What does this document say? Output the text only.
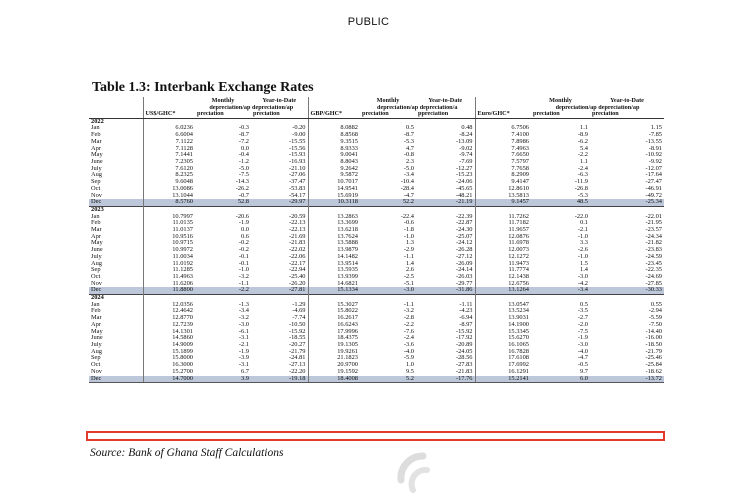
PUBLIC
Table 1.3: Interbank Exchange Rates
		Monthly	Year-to-Date		Monthly	Year-to-Date		Monthly	Year-to-Date
		depreciation/ap depreciation/ap			depreciation/ap depreciation/a			depreciation/ap depreciation/ap	
	US$/GHC*	preciation	preciation	GBP/GHC*	preciation	ppreciation	Euro/GHC*	preciation	preciation
2022									
Jan	6.0236	-0.3	-0.20	8.0882	0.5	0.48	6.7506	1.1	1.15
Feb	6.6004	-8.7	-9.00	8.8568	-8.7	-8.24	7.4100	-8.9	-7.85
Mar	7.1122	-7.2	-15.55	9.3515	-5.3	-13.09	7.8986	-6.2	-13.55
Apr	7.1128	0.0	-15.56	8.9333	4.7	-9.02	7.4963	5.4	-8.91
May	7.1441	-0.4	-15.93	9.0041	-0.8	-9.74	7.6650	-2.2	-10.92
June	7.2305	-1.2	-16.93	8.8043	2.3	-7.69	7.5797	1.1	-9.92
July	7.6120	-5.0	-21.10	9.2642	-5.0	-12.27	7.7658	-2.4	-12.07
Aug	8.2325	-7.5	-27.06	9.5872	-3.4	-15.23	8.2909	-6.3	-17.64
Sep	9.6048	-14.3	-37.47	10.7017	-10.4	-24.06	9.4147	-11.9	-27.47
Oct	13.0086	-26.2	-53.83	14.9541	-28.4	-45.65	12.8610	-26.8	-46.91
Nov	13.1044	-0.7	-54.17	15.6919	-4.7	-48.21	13.5813	-5.3	-49.72
Dec	8.5760	52.8	-29.97	10.3118	52.2	-21.19	9.1457	48.5	-25.34
2023									
Jan	10.7997	-20.6	-20.59	13.2863	-22.4	-22.39	11.7262	-22.0	-22.01
Feb	11.0135	-1.9	-22.13	13.3699	-0.6	-22.87	11.7182	0.1	-21.95
Mar	11.0137	0.0	-22.13	13.6218	-1.8	-24.30	11.9657	-2.1	-23.57
Apr	10.9516	0.6	-21.69	13.7624	-1.0	-25.07	12.0876	-1.0	-24.34
May	10.9715	-0.2	-21.83	13.5888	1.3	-24.12	11.6978	3.3	-21.82
June	10.9972	-0.2	-22.02	13.9879	-2.9	-26.28	12.0073	-2.6	-23.83
July	11.0034	-0.1	-22.06	14.1482	-1.1	-27.12	12.1272	-1.0	-24.59
Aug	11.0192	-0.1	-22.17	13.9514	1.4	-26.09	11.9473	1.5	-23.45
Sep	11.1285	-1.0	-22.94	13.5935	2.6	-24.14	11.7774	1.4	-22.35
Oct	11.4963	-3.2	-25.40	13.9399	-2.5	-26.03	12.1438	-3.0	-24.69
Nov	11.6206	-1.1	-26.20	14.6821	-5.1	-29.77	12.6756	-4.2	-27.85
Dec	11.8800	-2.2	-27.81	15.1334	-3.0	-31.86	13.1264	-3.4	-30.33
2024									
Jan	12.0356	-1.3	-1.29	15.3027	-1.1	-1.11	13.0547	0.5	0.55
Feb	12.4642	-3.4	-4.69	15.8022	-3.2	-4.23	13.5234	-3.5	-2.94
Mar	12.8770	-3.2	-7.74	16.2617	-2.8	-6.94	13.9031	-2.7	-5.59
Apr	12.7239	-3.0	-10.50	16.6243	-2.2	-8.97	14.1900	-2.0	-7.50
May	14.1301	-6.1	-15.92	17.9996	-7.6	-15.92	15.3345	-7.5	-14.40
June	14.5860	-3.1	-18.55	18.4375	-2.4	-17.92	15.6270	-1.9	-16.00
July	14.9009	-2.1	-20.27	19.1305	-3.6	-20.89	16.1065	-3.0	-18.50
Aug	15.1899	-1.9	-21.79	19.9261	-4.0	-24.05	16.7828	-4.0	-21.79
Sep	15.8000	-3.9	-24.81	21.1823	-5.9	-28.56	17.6108	-4.7	-25.46
Oct	16.3000	-3.1	-27.13	20.9700	1.0	-27.83	17.6992	-0.5	-25.84
Nov	15.2700	6.7	-22.20	19.1592	9.5	-21.83	16.1291	9.7	-18.62
Dec	14.7000	3.9	-19.18	18.4008	5.2	-17.76	15.2141	6.0	-13.72
Source: Bank of Ghana Staff Calculations
